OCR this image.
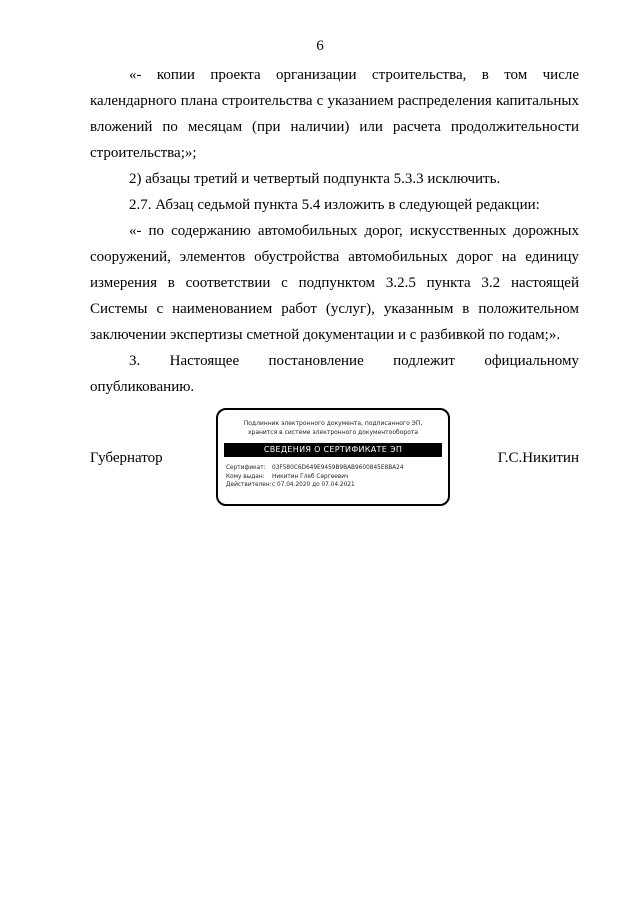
6

«- копии проекта организации строительства, в том числе календарного плана строительства с указанием распределения капитальных вложений по месяцам (при наличии) или расчета продолжительности строительства;»;

2) абзацы третий и четвертый подпункта 5.3.3 исключить.

2.7. Абзац седьмой пункта 5.4 изложить в следующей редакции:

«- по содержанию автомобильных дорог, искусственных дорожных сооружений, элементов обустройства автомобильных дорог на единицу измерения в соответствии с подпунктом 3.2.5 пункта 3.2 настоящей Системы с наименованием работ (услуг), указанным в положительном заключении экспертизы сметной документации и с разбивкой по годам;».

3. Настоящее постановление подлежит официальному опубликованию.

Губернатор
Подлинник электронного документа, подписанного ЭП,
хранится в системе электронного документооборота
СВЕДЕНИЯ О СЕРТИФИКАТЕ ЭП
Сертификат: 03F580C6D649E9459B9BAB9600845E8BA24
Кому выдан: Никитин Глеб Сергеевич
Действителен:с 07.04.2020 до 07.04.2021
Г.С.Никитин
